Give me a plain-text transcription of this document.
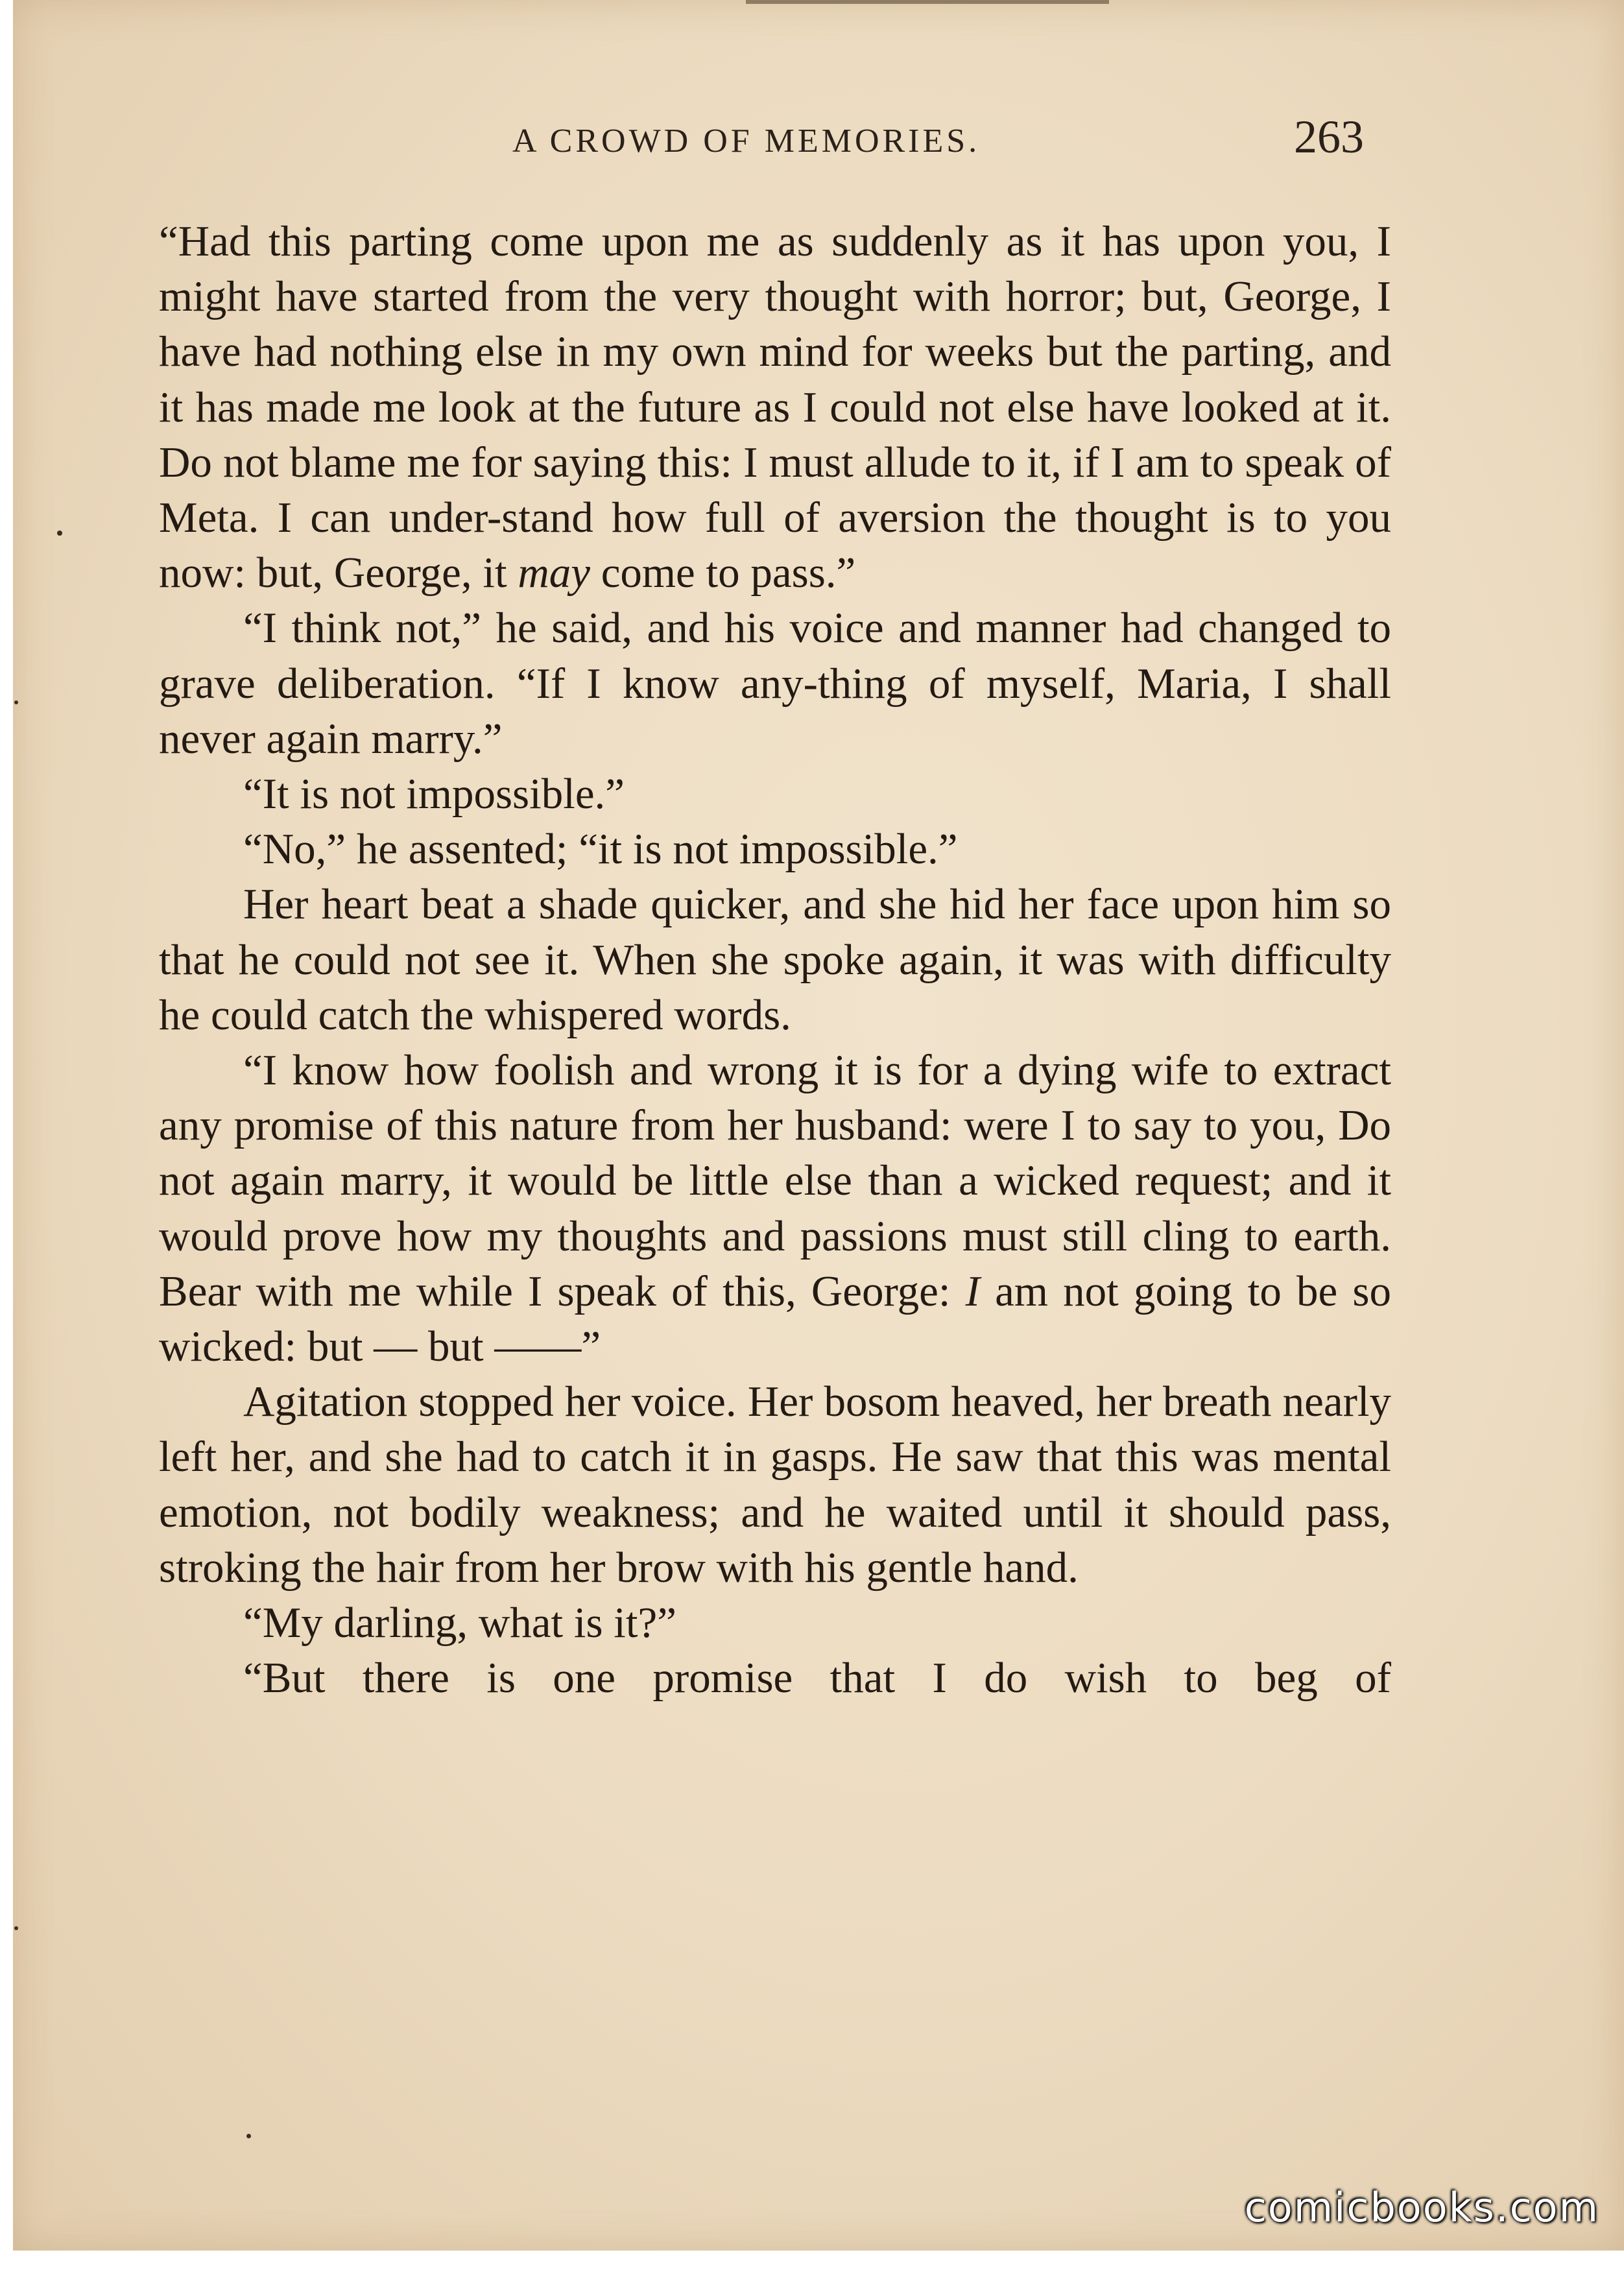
A CROWD OF MEMORIES.	263

“Had this parting come upon me as suddenly as it has upon you, I might have started from the very thought with horror; but, George, I have had nothing else in my own mind for weeks but the parting, and it has made me look at the future as I could not else have looked at it. Do not blame me for saying this: I must allude to it, if I am to speak of Meta. I can under-stand how full of aversion the thought is to you now: but, George, it may come to pass.”

“I think not,” he said, and his voice and manner had changed to grave deliberation. “If I know any-thing of myself, Maria, I shall never again marry.”

“It is not impossible.”

“No,” he assented; “it is not impossible.”

Her heart beat a shade quicker, and she hid her face upon him so that he could not see it. When she spoke again, it was with difficulty he could catch the whispered words.

“I know how foolish and wrong it is for a dying wife to extract any promise of this nature from her husband: were I to say to you, Do not again marry, it would be little else than a wicked request; and it would prove how my thoughts and passions must still cling to earth. Bear with me while I speak of this, George: I am not going to be so wicked: but — but ——”

Agitation stopped her voice. Her bosom heaved, her breath nearly left her, and she had to catch it in gasps. He saw that this was mental emotion, not bodily weakness; and he waited until it should pass, stroking the hair from her brow with his gentle hand.

“My darling, what is it?”

“But there is one promise that I do wish to beg of

comicbooks.com
